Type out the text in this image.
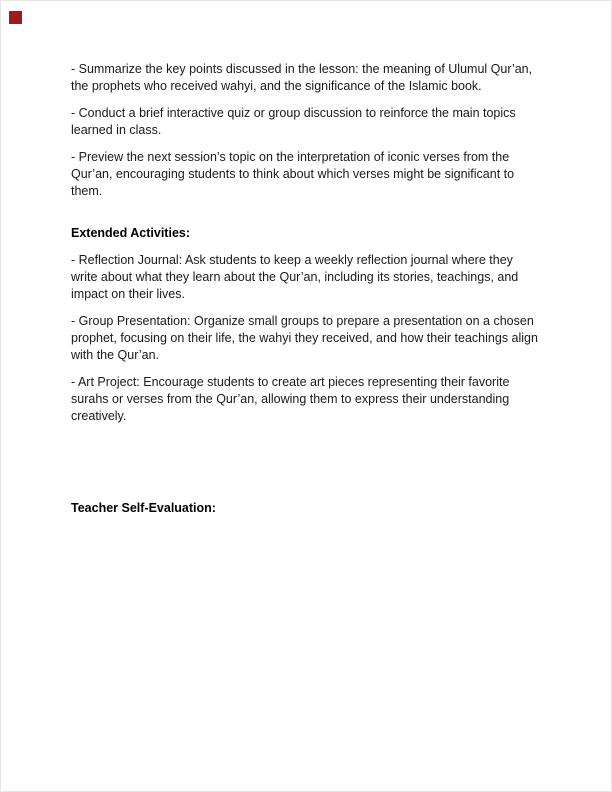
- Summarize the key points discussed in the lesson: the meaning of Ulumul Qur’an, the prophets who received wahyi, and the significance of the Islamic book.

- Conduct a brief interactive quiz or group discussion to reinforce the main topics learned in class.

- Preview the next session’s topic on the interpretation of iconic verses from the Qur’an, encouraging students to think about which verses might be significant to them.

Extended Activities:

- Reflection Journal: Ask students to keep a weekly reflection journal where they write about what they learn about the Qur’an, including its stories, teachings, and impact on their lives.

- Group Presentation: Organize small groups to prepare a presentation on a chosen prophet, focusing on their life, the wahyi they received, and how their teachings align with the Qur’an.

- Art Project: Encourage students to create art pieces representing their favorite surahs or verses from the Qur’an, allowing them to express their understanding creatively.

Teacher Self-Evaluation:
